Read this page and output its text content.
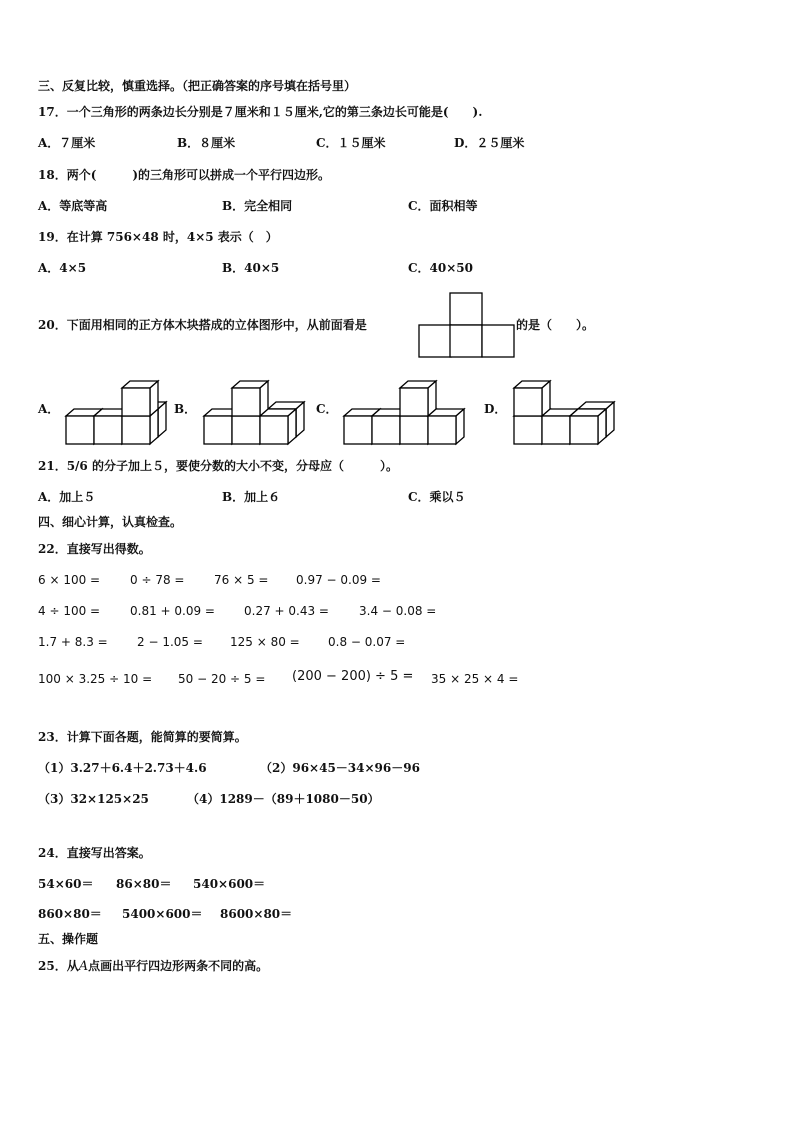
三、反复比较，慎重选择。（把正确答案的序号填在括号里）
17．一个三角形的两条边长分别是７厘米和１５厘米,它的第三条边长可能是(　　).
A．７厘米	B．８厘米	C．１５厘米	D．２５厘米
18．两个(　　　)的三角形可以拼成一个平行四边形。
A．等底等高	B．完全相同	C．面积相等
19．在计算 756×48 时，4×5 表示（　）
A．4×5	B．40×5	C．40×50
20．下面用相同的正方体木块搭成的立体图形中，从前面看是	的是（　　）。
A．	B．	C．	D．
21．5/6 的分子加上５，要使分数的大小不变，分母应（　　　）。
A．加上５	B．加上６	C．乘以５
四、细心计算，认真检查。
22．直接写出得数。
6 × 100 = 0 ÷ 78 = 76 × 5 = 0.97 − 0.09 =
4 ÷ 100 = 0.81 + 0.09 = 0.27 + 0.43 =	3.4 − 0.08 =
1.7 + 8.3 = 2 − 1.05 = 125 × 80 = 0.8 − 0.07 =
100 × 3.25 ÷ 10 = 50 − 20 ÷ 5 = (200 − 200) ÷ 5 = 35 × 25 × 4 =
23．计算下面各题，能简算的要简算。
（1）3.27＋6.4＋2.73＋4.6	（2）96×45－34×96－96
（3）32×125×25	（4）1289－（89＋1080－50）
24．直接写出答案。
54×60＝ 86×80＝ 540×600＝
860×80＝ 5400×600＝ 8600×80＝
五、操作题
25．从A点画出平行四边形两条不同的高。
